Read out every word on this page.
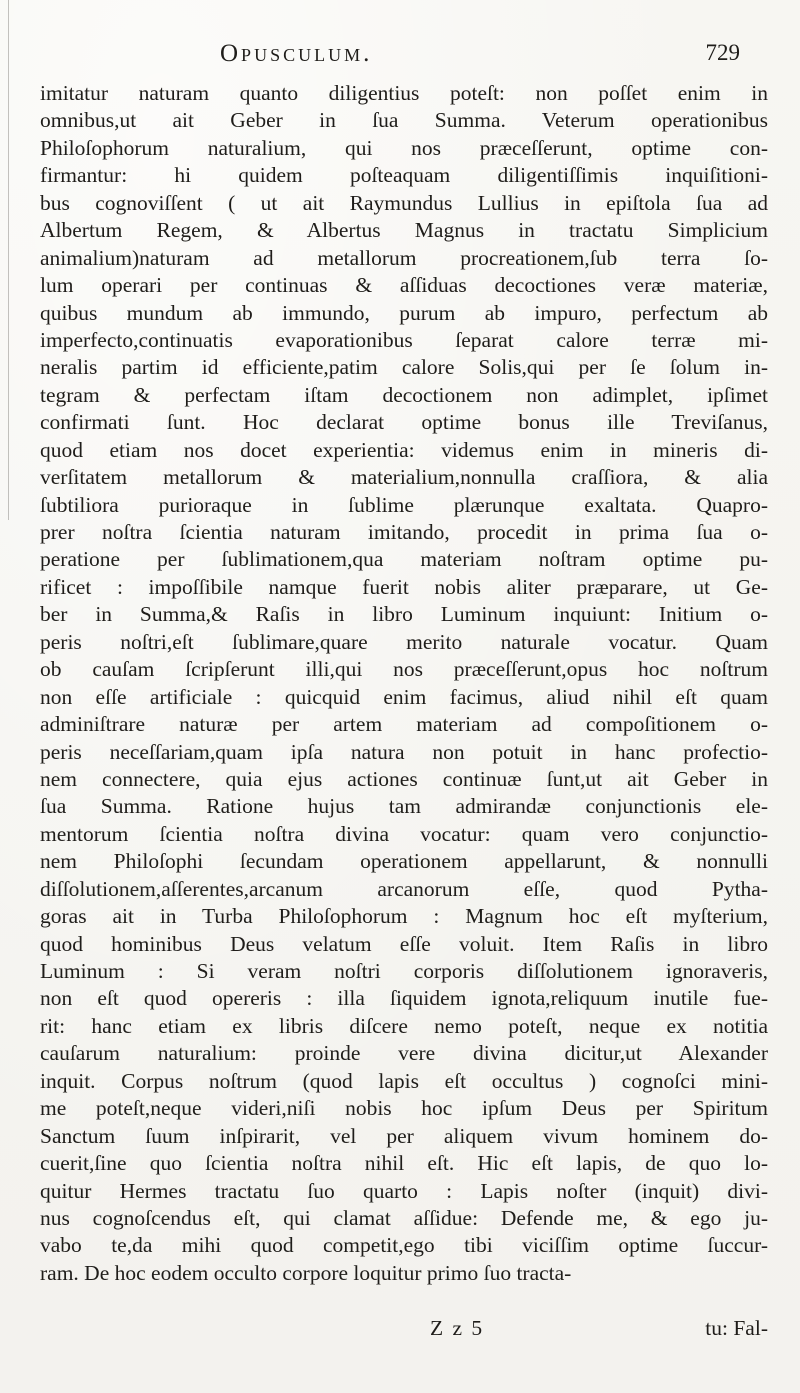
Opusculum.	729
imitatur naturam quanto diligentius poteſt: non poſſet enim in
omnibus,ut ait Geber in ſua Summa. Veterum operationibus
Philoſophorum naturalium, qui nos præceſſerunt, optime con-
firmantur: hi quidem poſteaquam diligentiſſimis inquiſitioni-
bus cognoviſſent ( ut ait Raymundus Lullius in epiſtola ſua ad
Albertum Regem, & Albertus Magnus in tractatu Simplicium
animalium)naturam ad metallorum procreationem,ſub terra ſo-
lum operari per continuas & aſſiduas decoctiones veræ materiæ,
quibus mundum ab immundo, purum ab impuro, perfectum ab
imperfecto,continuatis evaporationibus ſeparat calore terræ mi-
neralis partim id efficiente,patim calore Solis,qui per ſe ſolum in-
tegram & perfectam iſtam decoctionem non adimplet, ipſimet
confirmati ſunt. Hoc declarat optime bonus ille Treviſanus,
quod etiam nos docet experientia: videmus enim in mineris di-
verſitatem metallorum & materialium,nonnulla craſſiora, & alia
ſubtiliora purioraque in ſublime plærunque exaltata. Quapro-
prer noſtra ſcientia naturam imitando, procedit in prima ſua o-
peratione per ſublimationem,qua materiam noſtram optime pu-
rificet : impoſſibile namque fuerit nobis aliter præparare, ut Ge-
ber in Summa,& Raſis in libro Luminum inquiunt: Initium o-
peris noſtri,eſt ſublimare,quare merito naturale vocatur. Quam
ob cauſam ſcripſerunt illi,qui nos præceſſerunt,opus hoc noſtrum
non eſſe artificiale : quicquid enim facimus, aliud nihil eſt quam
adminiſtrare naturæ per artem materiam ad compoſitionem o-
peris neceſſariam,quam ipſa natura non potuit in hanc profectio-
nem connectere, quia ejus actiones continuæ ſunt,ut ait Geber in
ſua Summa. Ratione hujus tam admirandæ conjunctionis ele-
mentorum ſcientia noſtra divina vocatur: quam vero conjunctio-
nem Philoſophi ſecundam operationem appellarunt, & nonnulli
diſſolutionem,aſſerentes,arcanum arcanorum eſſe, quod Pytha-
goras ait in Turba Philoſophorum : Magnum hoc eſt myſterium,
quod hominibus Deus velatum eſſe voluit. Item Raſis in libro
Luminum : Si veram noſtri corporis diſſolutionem ignoraveris,
non eſt quod opereris : illa ſiquidem ignota,reliquum inutile fue-
rit: hanc etiam ex libris diſcere nemo poteſt, neque ex notitia
cauſarum naturalium: proinde vere divina dicitur,ut Alexander
inquit. Corpus noſtrum (quod lapis eſt occultus ) cognoſci mini-
me poteſt,neque videri,niſi nobis hoc ipſum Deus per Spiritum
Sanctum ſuum inſpirarit, vel per aliquem vivum hominem do-
cuerit,ſine quo ſcientia noſtra nihil eſt. Hic eſt lapis, de quo lo-
quitur Hermes tractatu ſuo quarto : Lapis noſter (inquit) divi-
nus cognoſcendus eſt, qui clamat aſſidue: Defende me, & ego ju-
vabo te,da mihi quod competit,ego tibi viciſſim optime ſuccur-
ram. De hoc eodem occulto corpore loquitur primo ſuo tracta-
Z z 5	tu: Fal-
